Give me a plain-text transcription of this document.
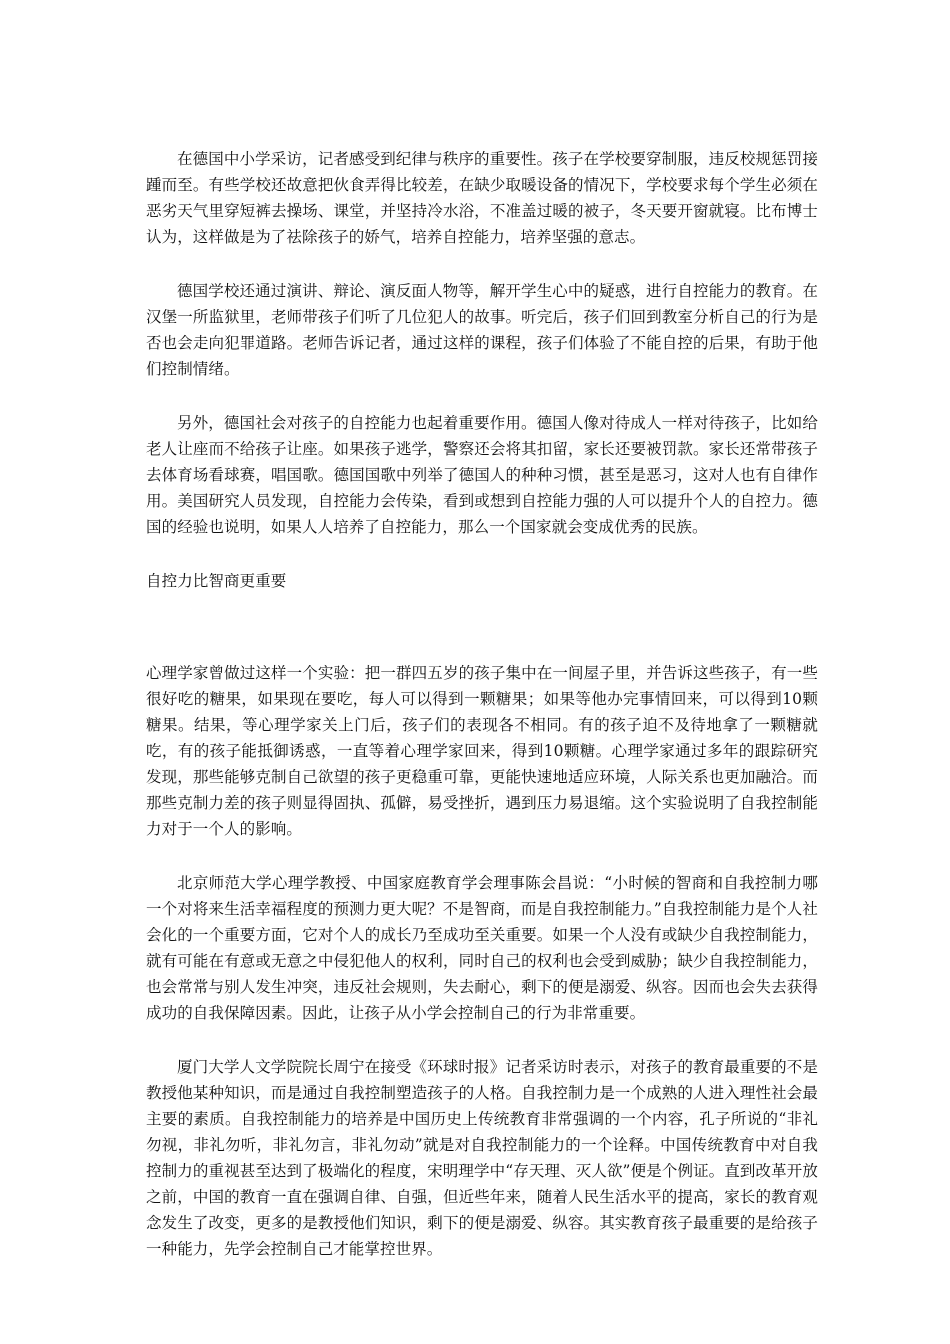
在德国中小学采访，记者感受到纪律与秩序的重要性。孩子在学校要穿制服，违反校规惩罚接踵而至。有些学校还故意把伙食弄得比较差，在缺少取暖设备的情况下，学校要求每个学生必须在恶劣天气里穿短裤去操场、课堂，并坚持冷水浴，不准盖过暖的被子，冬天要开窗就寝。比布博士认为，这样做是为了祛除孩子的娇气，培养自控能力，培养坚强的意志。

德国学校还通过演讲、辩论、演反面人物等，解开学生心中的疑惑，进行自控能力的教育。在汉堡一所监狱里，老师带孩子们听了几位犯人的故事。听完后，孩子们回到教室分析自己的行为是否也会走向犯罪道路。老师告诉记者，通过这样的课程，孩子们体验了不能自控的后果，有助于他们控制情绪。

另外，德国社会对孩子的自控能力也起着重要作用。德国人像对待成人一样对待孩子，比如给老人让座而不给孩子让座。如果孩子逃学，警察还会将其扣留，家长还要被罚款。家长还常带孩子去体育场看球赛，唱国歌。德国国歌中列举了德国人的种种习惯，甚至是恶习，这对人也有自律作用。美国研究人员发现，自控能力会传染，看到或想到自控能力强的人可以提升个人的自控力。德国的经验也说明，如果人人培养了自控能力，那么一个国家就会变成优秀的民族。

自控力比智商更重要

心理学家曾做过这样一个实验：把一群四五岁的孩子集中在一间屋子里，并告诉这些孩子，有一些很好吃的糖果，如果现在要吃，每人可以得到一颗糖果；如果等他办完事情回来，可以得到10颗糖果。结果，等心理学家关上门后，孩子们的表现各不相同。有的孩子迫不及待地拿了一颗糖就吃，有的孩子能抵御诱惑，一直等着心理学家回来，得到10颗糖。心理学家通过多年的跟踪研究发现，那些能够克制自己欲望的孩子更稳重可靠，更能快速地适应环境，人际关系也更加融洽。而那些克制力差的孩子则显得固执、孤僻，易受挫折，遇到压力易退缩。这个实验说明了自我控制能力对于一个人的影响。

北京师范大学心理学教授、中国家庭教育学会理事陈会昌说：“小时候的智商和自我控制力哪一个对将来生活幸福程度的预测力更大呢？不是智商，而是自我控制能力。”自我控制能力是个人社会化的一个重要方面，它对个人的成长乃至成功至关重要。如果一个人没有或缺少自我控制能力，就有可能在有意或无意之中侵犯他人的权利，同时自己的权利也会受到威胁；缺少自我控制能力，也会常常与别人发生冲突，违反社会规则，失去耐心，剩下的便是溺爱、纵容。因而也会失去获得成功的自我保障因素。因此，让孩子从小学会控制自己的行为非常重要。

厦门大学人文学院院长周宁在接受《环球时报》记者采访时表示，对孩子的教育最重要的不是教授他某种知识，而是通过自我控制塑造孩子的人格。自我控制力是一个成熟的人进入理性社会最主要的素质。自我控制能力的培养是中国历史上传统教育非常强调的一个内容，孔子所说的“非礼勿视，非礼勿听，非礼勿言，非礼勿动”就是对自我控制能力的一个诠释。中国传统教育中对自我控制力的重视甚至达到了极端化的程度，宋明理学中“存天理、灭人欲”便是个例证。直到改革开放之前，中国的教育一直在强调自律、自强，但近些年来，随着人民生活水平的提高，家长的教育观念发生了改变，更多的是教授他们知识，剩下的便是溺爱、纵容。其实教育孩子最重要的是给孩子一种能力，先学会控制自己才能掌控世界。
